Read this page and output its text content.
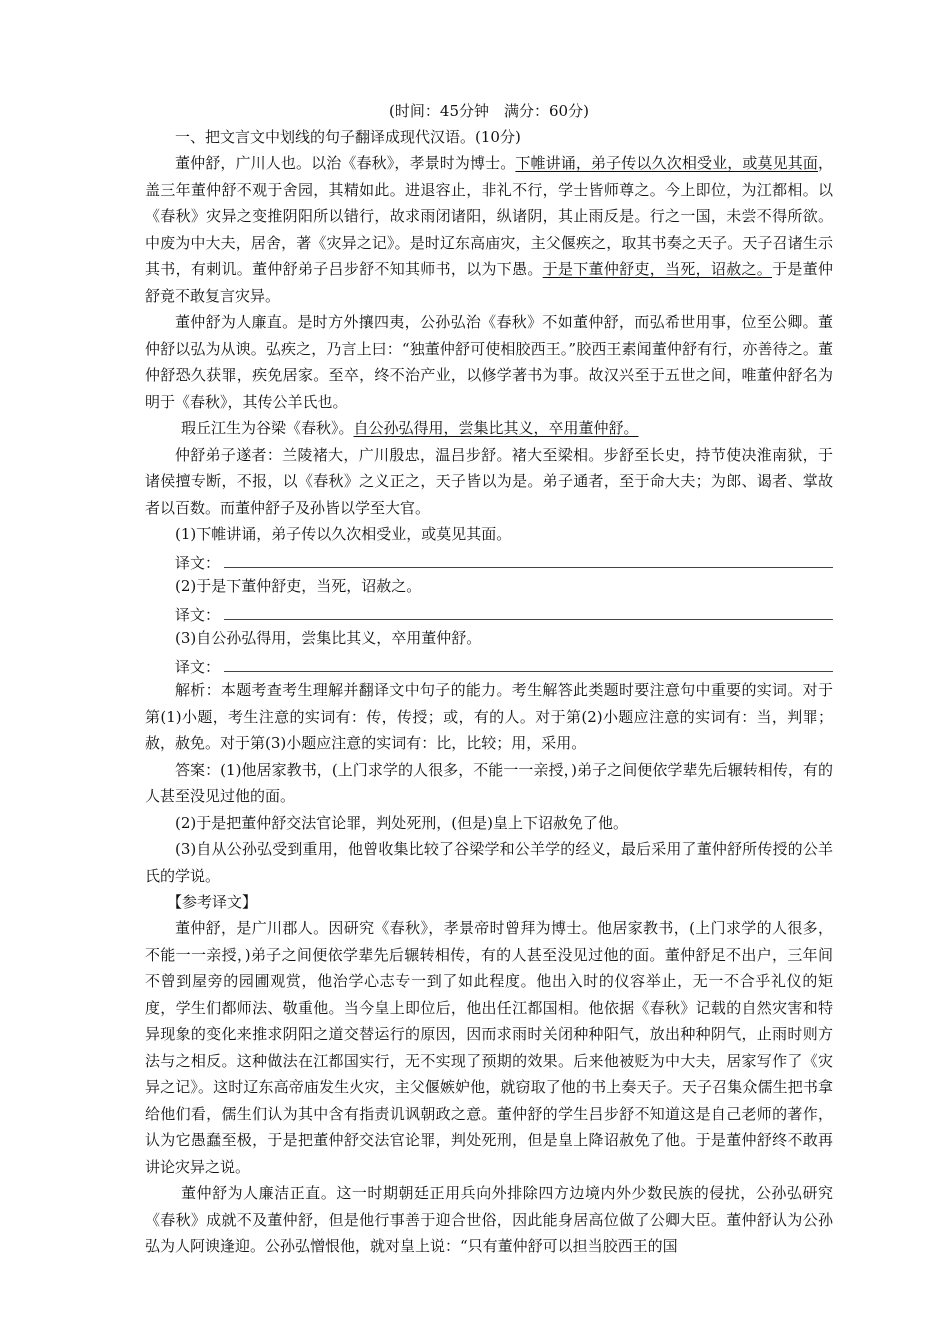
(时间：45分钟　满分：60分)
一、把文言文中划线的句子翻译成现代汉语。(10分)

董仲舒，广川人也。以治《春秋》，孝景时为博士。下帷讲诵，弟子传以久次相受业，或莫见其面，盖三年董仲舒不观于舍园，其精如此。进退容止，非礼不行，学士皆师尊之。今上即位，为江都相。以《春秋》灾异之变推阴阳所以错行，故求雨闭诸阳，纵诸阴，其止雨反是。行之一国，未尝不得所欲。中废为中大夫，居舍，著《灾异之记》。是时辽东高庙灾，主父偃疾之，取其书奏之天子。天子召诸生示其书，有刺讥。董仲舒弟子吕步舒不知其师书，以为下愚。于是下董仲舒吏，当死，诏赦之。于是董仲舒竟不敢复言灾异。

董仲舒为人廉直。是时方外攘四夷，公孙弘治《春秋》不如董仲舒，而弘希世用事，位至公卿。董仲舒以弘为从谀。弘疾之，乃言上曰：“独董仲舒可使相胶西王。”胶西王素闻董仲舒有行，亦善待之。董仲舒恐久获罪，疾免居家。至卒，终不治产业，以修学著书为事。故汉兴至于五世之间，唯董仲舒名为明于《春秋》，其传公羊氏也。

瑕丘江生为谷梁《春秋》。自公孙弘得用，尝集比其义，卒用董仲舒。

仲舒弟子遂者：兰陵褚大，广川殷忠，温吕步舒。褚大至梁相。步舒至长史，持节使决淮南狱，于诸侯擅专断，不报，以《春秋》之义正之，天子皆以为是。弟子通者，至于命大夫；为郎、谒者、掌故者以百数。而董仲舒子及孙皆以学至大官。

(1)下帷讲诵，弟子传以久次相受业，或莫见其面。
译文：
(2)于是下董仲舒吏，当死，诏赦之。
译文：
(3)自公孙弘得用，尝集比其义，卒用董仲舒。
译文：

解析：本题考查考生理解并翻译文中句子的能力。考生解答此类题时要注意句中重要的实词。对于第(1)小题，考生注意的实词有：传，传授；或，有的人。对于第(2)小题应注意的实词有：当，判罪；赦，赦免。对于第(3)小题应注意的实词有：比，比较；用，采用。

答案：(1)他居家教书，(上门求学的人很多，不能一一亲授，)弟子之间便依学辈先后辗转相传，有的人甚至没见过他的面。

(2)于是把董仲舒交法官论罪，判处死刑，(但是)皇上下诏赦免了他。

(3)自从公孙弘受到重用，他曾收集比较了谷梁学和公羊学的经义，最后采用了董仲舒所传授的公羊氏的学说。

【参考译文】

董仲舒，是广川郡人。因研究《春秋》，孝景帝时曾拜为博士。他居家教书，(上门求学的人很多，不能一一亲授，)弟子之间便依学辈先后辗转相传，有的人甚至没见过他的面。董仲舒足不出户，三年间不曾到屋旁的园圃观赏，他治学心志专一到了如此程度。他出入时的仪容举止，无一不合乎礼仪的矩度，学生们都师法、敬重他。当今皇上即位后，他出任江都国相。他依据《春秋》记载的自然灾害和特异现象的变化来推求阴阳之道交替运行的原因，因而求雨时关闭种种阳气，放出种种阴气，止雨时则方法与之相反。这种做法在江都国实行，无不实现了预期的效果。后来他被贬为中大夫，居家写作了《灾异之记》。这时辽东高帝庙发生火灾，主父偃嫉妒他，就窃取了他的书上奏天子。天子召集众儒生把书拿给他们看，儒生们认为其中含有指责讥讽朝政之意。董仲舒的学生吕步舒不知道这是自己老师的著作，认为它愚蠢至极，于是把董仲舒交法官论罪，判处死刑，但是皇上降诏赦免了他。于是董仲舒终不敢再讲论灾异之说。

董仲舒为人廉洁正直。这一时期朝廷正用兵向外排除四方边境内外少数民族的侵扰，公孙弘研究《春秋》成就不及董仲舒，但是他行事善于迎合世俗，因此能身居高位做了公卿大臣。董仲舒认为公孙弘为人阿谀逢迎。公孙弘憎恨他，就对皇上说：“只有董仲舒可以担当胶西王的国
